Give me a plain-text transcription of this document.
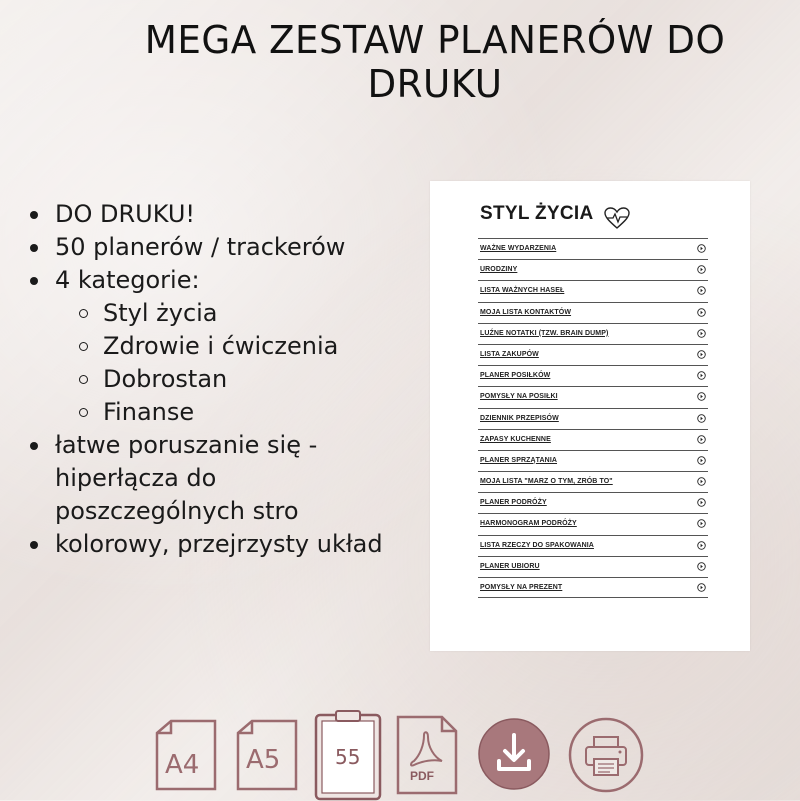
MEGA ZESTAW PLANERÓW DO DRUKU
DO DRUKU!
50 planerów / trackerów
4 kategorie:
Styl życia
Zdrowie i ćwiczenia
Dobrostan
Finanse
łatwe poruszanie się - hiperłącza do poszczególnych stro
kolorowy, przejrzysty układ
STYL ŻYCIA
WAŻNE WYDARZENIA
URODZINY
LISTA WAŻNYCH HASEŁ
MOJA LISTA KONTAKTÓW
LUŹNE NOTATKI (TZW. BRAIN DUMP)
LISTA ZAKUPÓW
PLANER POSIŁKÓW
POMYSŁY NA POSIŁKI
DZIENNIK PRZEPISÓW
ZAPASY KUCHENNE
PLANER SPRZĄTANIA
MOJA LISTA "MARZ O TYM, ZRÓB TO"
PLANER PODRÓŻY
HARMONOGRAM PODRÓŻY
LISTA RZECZY DO SPAKOWANIA
PLANER UBIORU
POMYSŁY NA PREZENT
A4 A5	55
PDF
